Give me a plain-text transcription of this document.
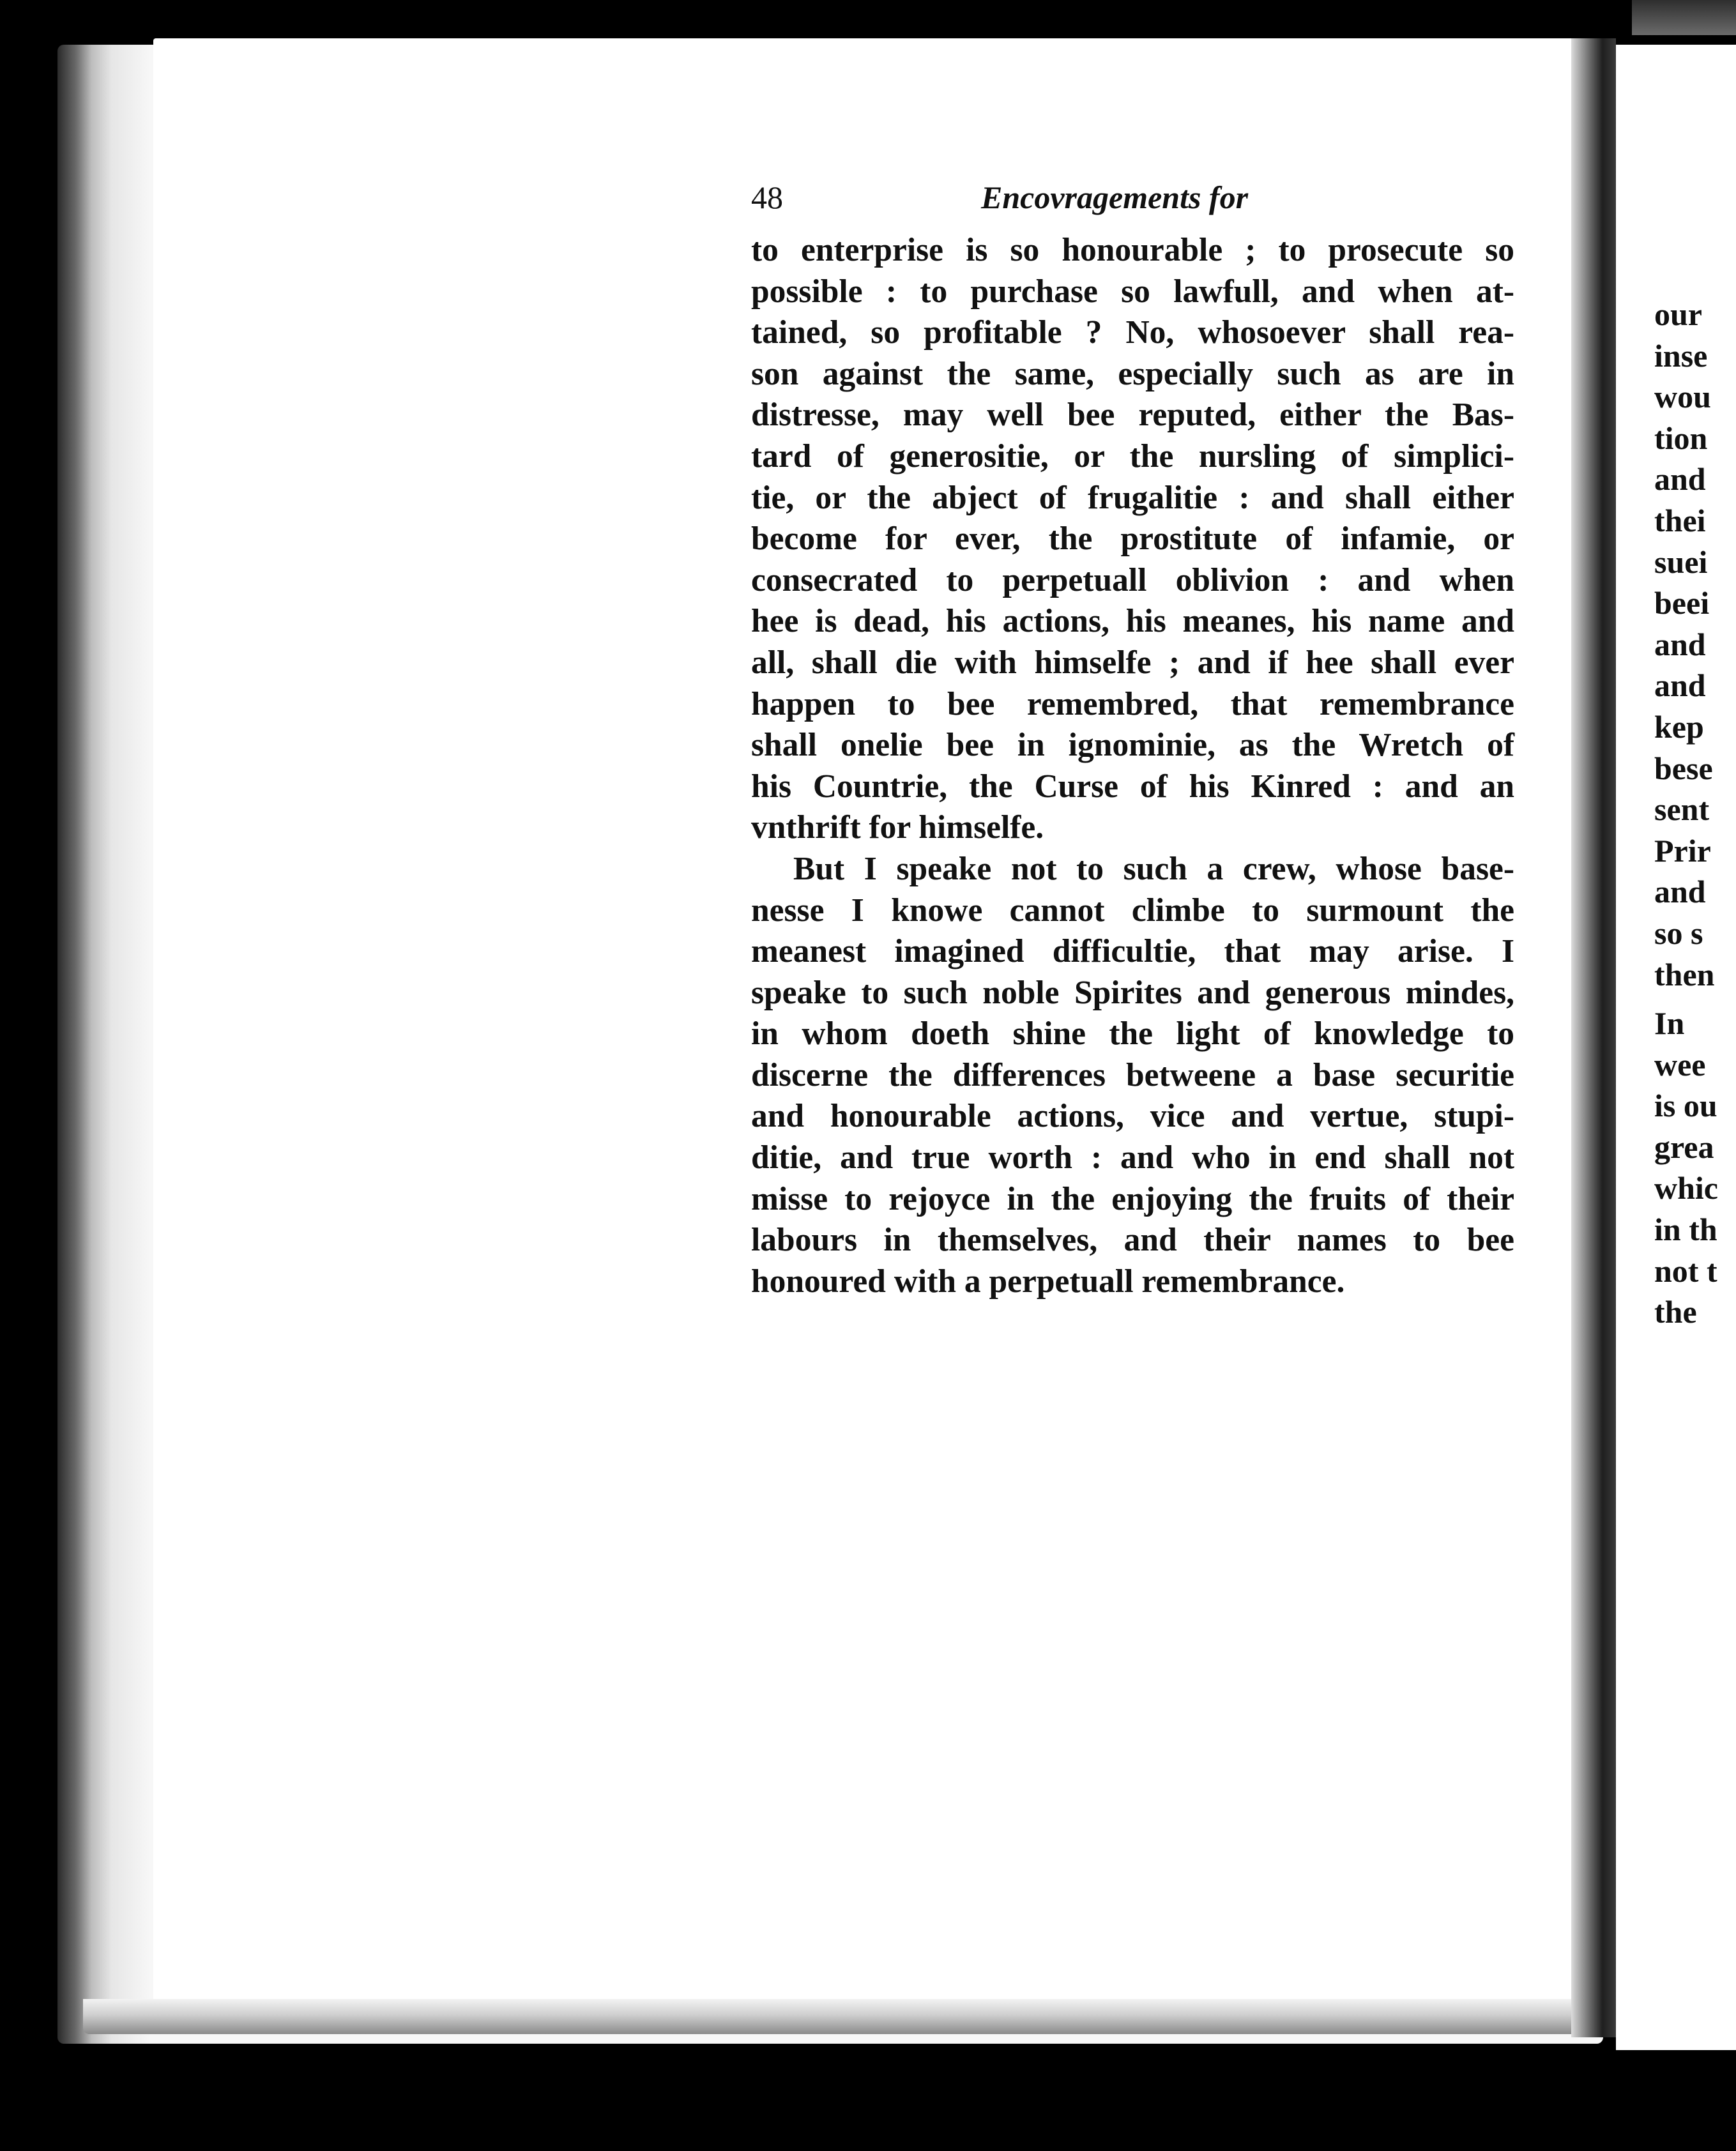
48	Encovragements for

to enterprise is so honourable ; to prosecute so
possible : to purchase so lawfull, and when at-
tained, so profitable ? No, whosoever shall rea-
son against the same, especially such as are in
distresse, may well bee reputed, either the Bas-
tard of generositie, or the nursling of simplici-
tie, or the abject of frugalitie : and shall either
become for ever, the prostitute of infamie, or
consecrated to perpetuall oblivion : and when
hee is dead, his actions, his meanes, his name and
all, shall die with himselfe ; and if hee shall ever
happen to bee remembred, that remembrance
shall onelie bee in ignominie, as the Wretch of
his Countrie, the Curse of his Kinred : and an
vnthrift for himselfe.

But I speake not to such a crew, whose base-
nesse I knowe cannot climbe to surmount the
meanest imagined difficultie, that may arise. I
speake to such noble Spirites and generous mindes,
in whom doeth shine the light of knowledge to
discerne the differences betweene a base securitie
and honourable actions, vice and vertue, stupi-
ditie, and true worth : and who in end shall not
misse to rejoyce in the enjoying the fruits of their
labours in themselves, and their names to bee
honoured with a perpetuall remembrance.

our
inse
wou
tion
and
thei
suei
beei
and
and
kep
bese
sent
Prir
and
so s
then
In
wee
is ou
grea
whic
in th
not t
the
